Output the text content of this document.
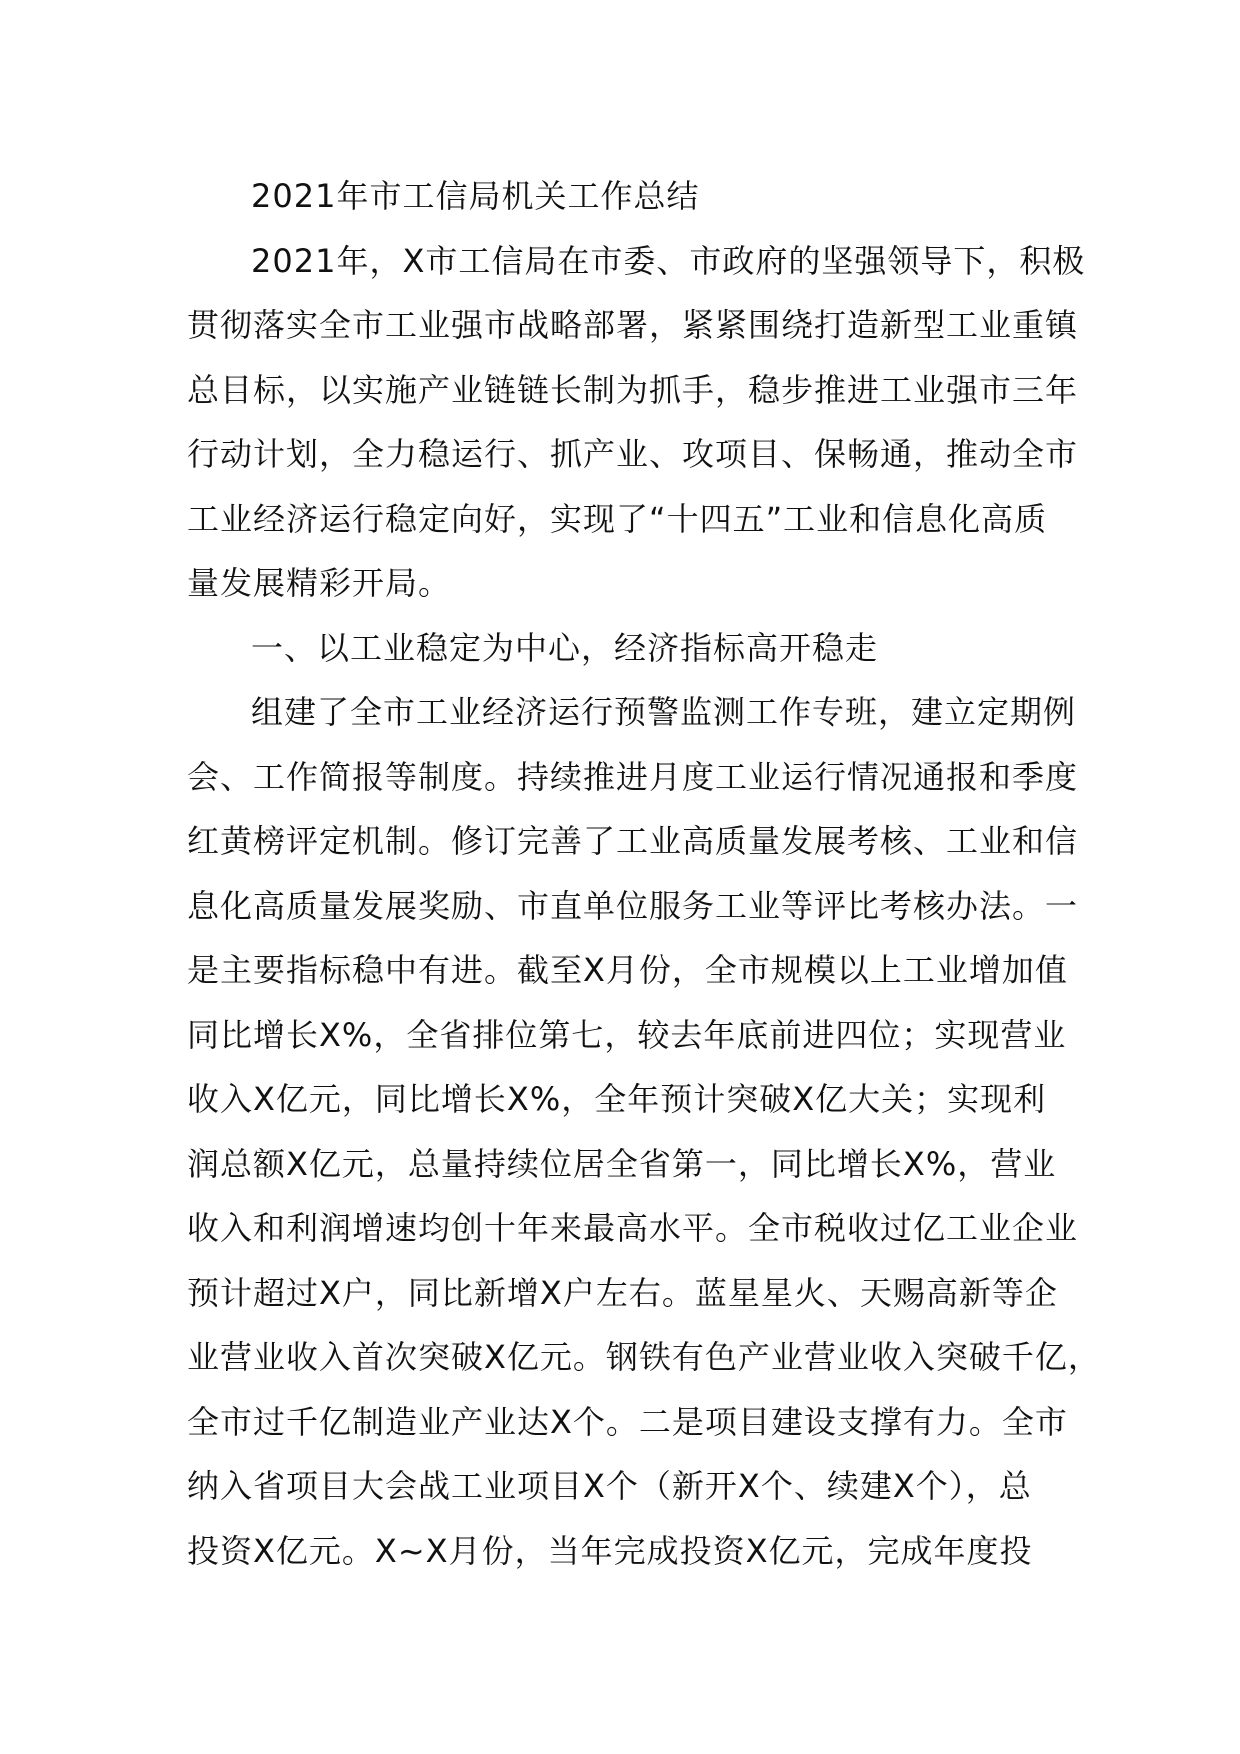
2021年市工信局机关工作总结
2021年，X市工信局在市委、市政府的坚强领导下，积极
贯彻落实全市工业强市战略部署，紧紧围绕打造新型工业重镇
总目标，以实施产业链链长制为抓手，稳步推进工业强市三年
行动计划，全力稳运行、抓产业、攻项目、保畅通，推动全市
工业经济运行稳定向好，实现了“十四五”工业和信息化高质
量发展精彩开局。
一、以工业稳定为中心，经济指标高开稳走
组建了全市工业经济运行预警监测工作专班，建立定期例
会、工作简报等制度。持续推进月度工业运行情况通报和季度
红黄榜评定机制。修订完善了工业高质量发展考核、工业和信
息化高质量发展奖励、市直单位服务工业等评比考核办法。一
是主要指标稳中有进。截至X月份，全市规模以上工业增加值
同比增长X%，全省排位第七，较去年底前进四位；实现营业
收入X亿元，同比增长X%，全年预计突破X亿大关；实现利
润总额X亿元，总量持续位居全省第一，同比增长X%，营业
收入和利润增速均创十年来最高水平。全市税收过亿工业企业
预计超过X户，同比新增X户左右。蓝星星火、天赐高新等企
业营业收入首次突破X亿元。钢铁有色产业营业收入突破千亿，
全市过千亿制造业产业达X个。二是项目建设支撑有力。全市
纳入省项目大会战工业项目X个（新开X个、续建X个），总
投资X亿元。X~X月份，当年完成投资X亿元，完成年度投
